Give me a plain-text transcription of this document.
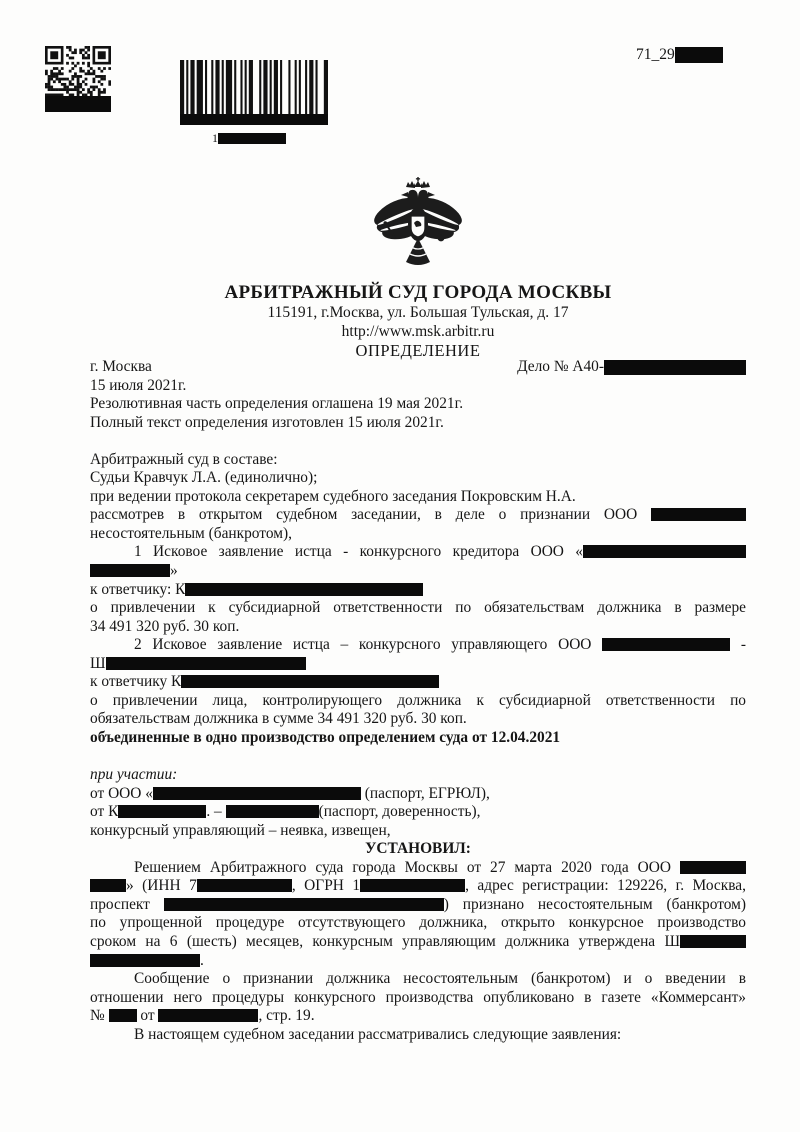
1
71_29
АРБИТРАЖНЫЙ СУД ГОРОДА МОСКВЫ
115191, г.Москва, ул. Большая Тульская, д. 17
http://www.msk.arbitr.ru
ОПРЕДЕЛЕНИЕ
г. Москва	Дело № А40-
15 июля 2021г.
Резолютивная часть определения оглашена 19 мая 2021г.
Полный текст определения изготовлен 15 июля 2021г.
Арбитражный суд в составе:
Судьи Кравчук Л.А. (единолично);
при ведении протокола секретарем судебного заседания Покровским Н.А.
рассмотрев в открытом судебном заседании, в деле о признании ООО
несостоятельным (банкротом),
1 Исковое заявление истца - конкурсного кредитора ООО «
»
к ответчику: К
о привлечении к субсидиарной ответственности по обязательствам должника в размере
34 491 320 руб. 30 коп.
2 Исковое заявление истца – конкурсного управляющего ООО	-
Ш
к ответчику К
о привлечении лица, контролирующего должника к субсидиарной ответственности по
обязательствам должника в сумме 34 491 320 руб. 30 коп.
объединенные в одно производство определением суда от 12.04.2021
при участии:
от ООО «	(паспорт, ЕГРЮЛ),
от К	. –	(паспорт, доверенность),
конкурсный управляющий – неявка, извещен,
УСТАНОВИЛ:
Решением Арбитражного суда города Москвы от 27 марта 2020 года ООО
» (ИНН 7	, ОГРН 1	, адрес регистрации: 129226, г. Москва,
проспект	) признано несостоятельным (банкротом)
по упрощенной процедуре отсутствующего должника, открыто конкурсное производство
сроком на 6 (шесть) месяцев, конкурсным управляющим должника утверждена Ш
.
Сообщение о признании должника несостоятельным (банкротом) и о введении в
отношении него процедуры конкурсного производства опубликовано в газете «Коммерсант»
№  от	, стр. 19.
В настоящем судебном заседании рассматривались следующие заявления:
